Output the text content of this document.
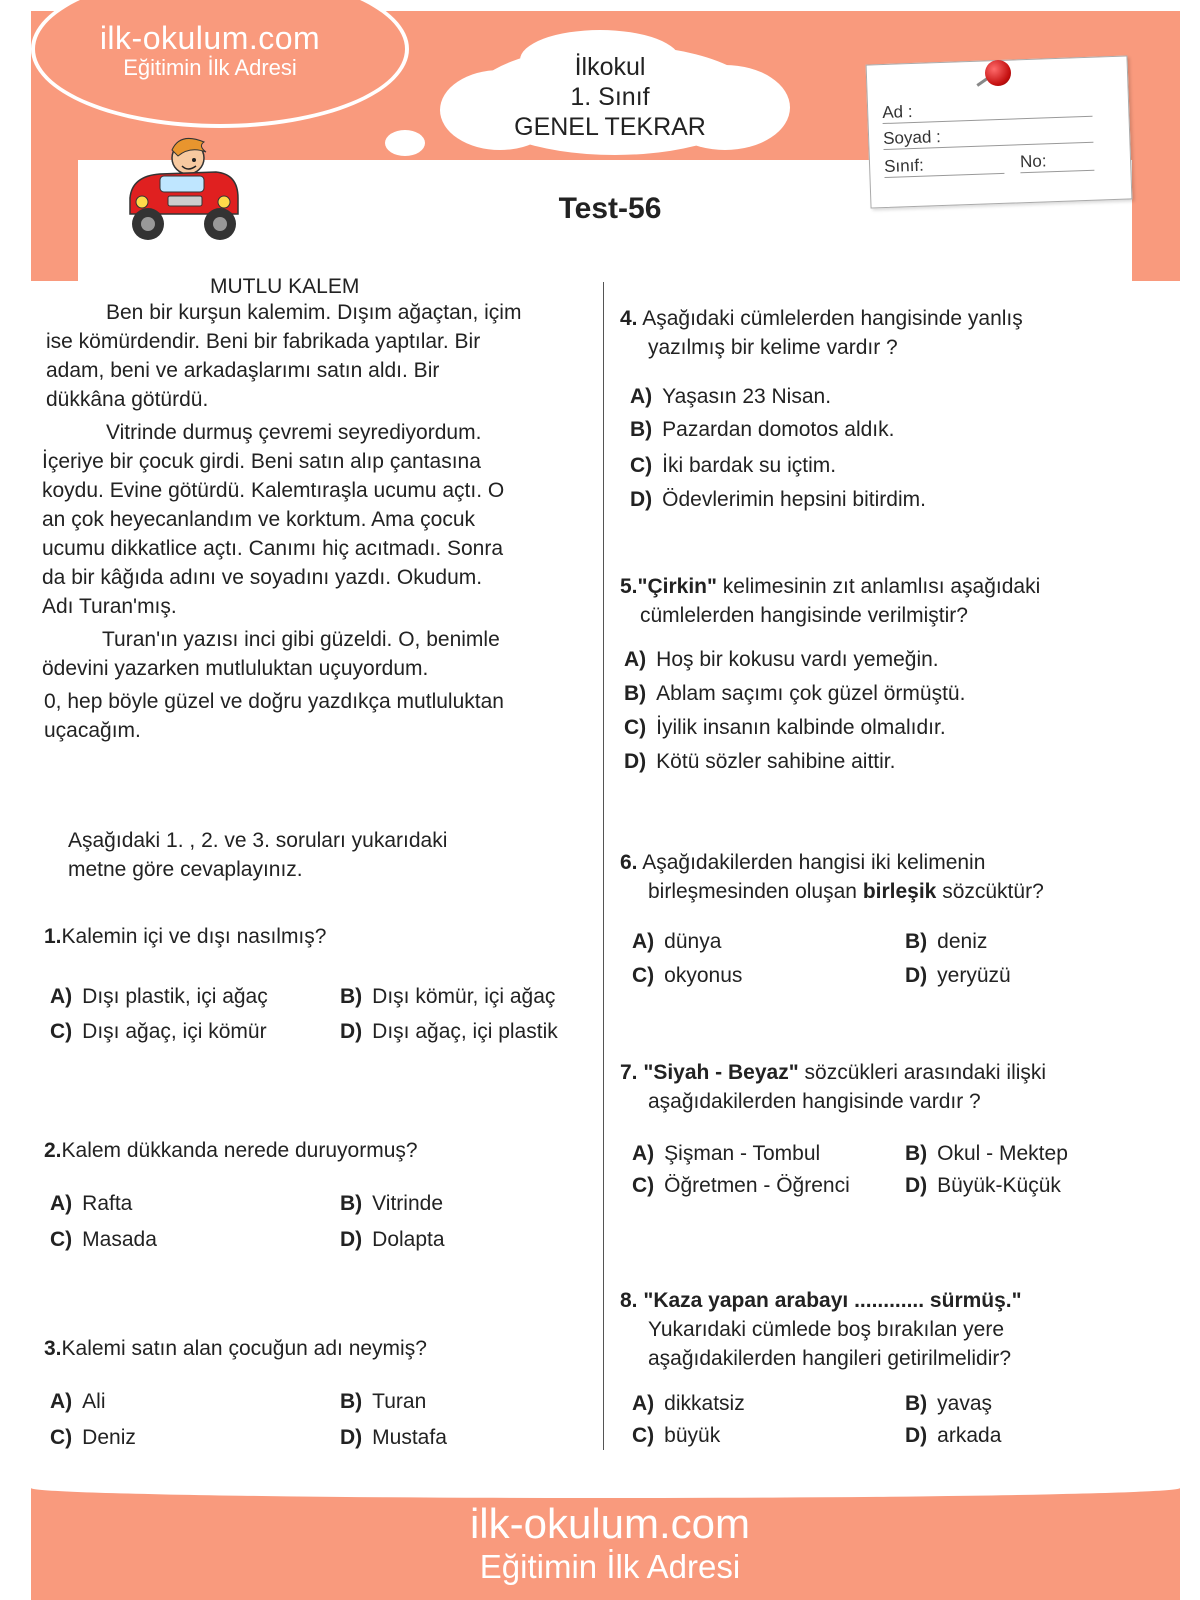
ilk-okulum.com
Eğitimin İlk Adresi	İlkokul
1. Sınıf
GENEL TEKRAR
Test-56
Ad :
Soyad :
Sınıf:	No:
MUTLU KALEM

Ben bir kurşun kalemim. Dışım ağaçtan, içim

ise kömürdendir. Beni bir fabrikada yaptılar. Bir

adam, beni ve arkadaşlarımı satın aldı. Bir

dükkâna götürdü.

Vitrinde durmuş çevremi seyrediyordum.

İçeriye bir çocuk girdi. Beni satın alıp çantasına

koydu. Evine götürdü. Kalemtıraşla ucumu açtı. O

an çok heyecanlandım ve korktum. Ama çocuk

ucumu dikkatlice açtı. Canımı hiç acıtmadı. Sonra

da bir kâğıda adını ve soyadını yazdı. Okudum.

Adı Turan'mış.

Turan'ın yazısı inci gibi güzeldi. O, benimle

ödevini yazarken mutluluktan uçuyordum.

0, hep böyle güzel ve doğru yazdıkça mutluluktan

uçacağım.

Aşağıdaki 1. , 2. ve 3. soruları yukarıdaki
metne göre cevaplayınız.
1.Kalemin içi ve dışı nasılmış?
A) Dışı plastik, içi ağaç	B) Dışı kömür, içi ağaç
C) Dışı ağaç, içi kömür	D) Dışı ağaç, içi plastik
2.Kalem dükkanda nerede duruyormuş?
A) Rafta	B) Vitrinde
C) Masada	D) Dolapta
3.Kalemi satın alan çocuğun adı neymiş?
A) Ali	B) Turan
C) Deniz	D) Mustafa
4. Aşağıdaki cümlelerden hangisinde yanlış
yazılmış bir kelime vardır ?
A) Yaşasın 23 Nisan.
B) Pazardan domotos aldık.
C) İki bardak su içtim.
D) Ödevlerimin hepsini bitirdim.
5."Çirkin" kelimesinin zıt anlamlısı aşağıdaki
cümlelerden hangisinde verilmiştir?
A) Hoş bir kokusu vardı yemeğin.
B) Ablam saçımı çok güzel örmüştü.
C) İyilik insanın kalbinde olmalıdır.
D) Kötü sözler sahibine aittir.
6. Aşağıdakilerden hangisi iki kelimenin
birleşmesinden oluşan birleşik sözcüktür?
A) dünya	B) deniz
C) okyonus	D) yeryüzü
7. "Siyah - Beyaz" sözcükleri arasındaki ilişki
aşağıdakilerden hangisinde vardır ?
A) Şişman - Tombul	B) Okul - Mektep
C) Öğretmen - Öğrenci	D) Büyük-Küçük
8. "Kaza yapan arabayı ............ sürmüş."
Yukarıdaki cümlede boş bırakılan yere
aşağıdakilerden hangileri getirilmelidir?
A) dikkatsiz	B) yavaş
C) büyük	D) arkada
ilk-okulum.com
Eğitimin İlk Adresi
